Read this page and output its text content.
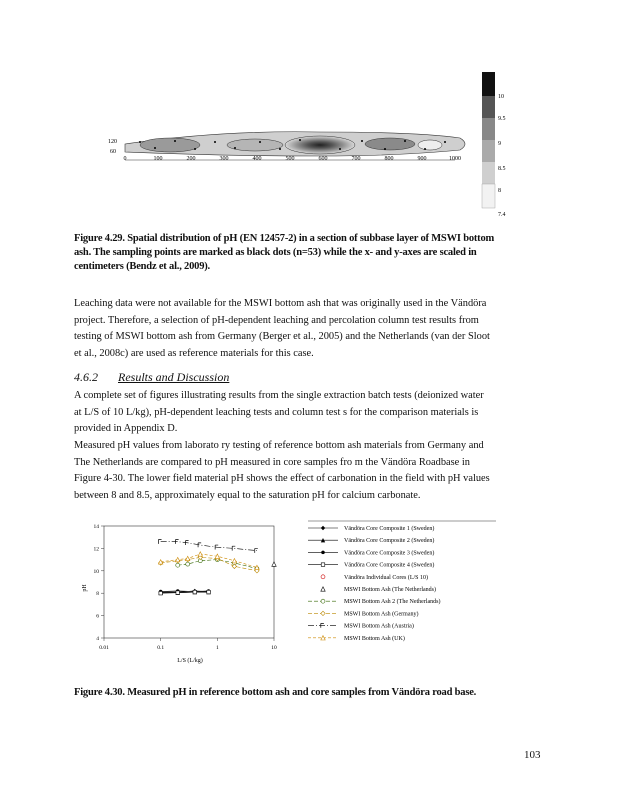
120
60
0	100	200	300	400	500	600	700	800	900	1000
10
9.5
9
8.5
8
7.4
Figure 4.29. Spatial distribution of pH (EN 12457-2) in a section of subbase layer of MSWI bottom
ash. The sampling points are marked as black dots (n=53) while the x- and y-axes are scaled in
centimeters (Bendz et al., 2009).
Leaching data were not available for the MSWI bottom ash that was originally used in the Vändöra
project. Therefore, a selection of pH-dependent leaching and percolation column test results from
testing of MSWI bottom ash from Germany (Berger et al., 2005) and the Netherlands (van der Sloot
et al., 2008c) are used as reference materials for this case.
4.6.2 Results and Discussion
A complete set of figures illustrating results from the single extraction batch tests (deionized water
at L/S of 10 L/kg), pH-dependent leaching tests and column test s for the comparison materials is
provided in Appendix D.
Measured pH values from laborato ry testing of reference bottom ash materials from Germany and
The Netherlands are compared to pH measured in core samples fro m the Vändöra Roadbase in
Figure 4-30. The lower field material pH shows the effect of carbonation in the field with pH values
between 8 and 8.5, approximately equal to the saturation pH for calcium carbonate.
0.01	0.1	1	10
14
12
10
8
6
4
Vändöra Core Composite 1 (Sweden)
Vändöra Core Composite 2 (Sweden)
Vändöra Core Composite 3 (Sweden)
Vändöra Core Composite 4 (Sweden)
Vändöra Individual Cores (L/S 10)
MSWI Bottom Ash (The Netherlands)
MSWI Bottom Ash 2 (The Netherlands)
MSWI Bottom Ash (Germany)
MSWI Bottom Ash (Austria)
MSWI Bottom Ash (UK)
L/S (L/kg)
pH
Figure 4.30. Measured pH in reference bottom ash and core samples from Vändöra road base.
103
